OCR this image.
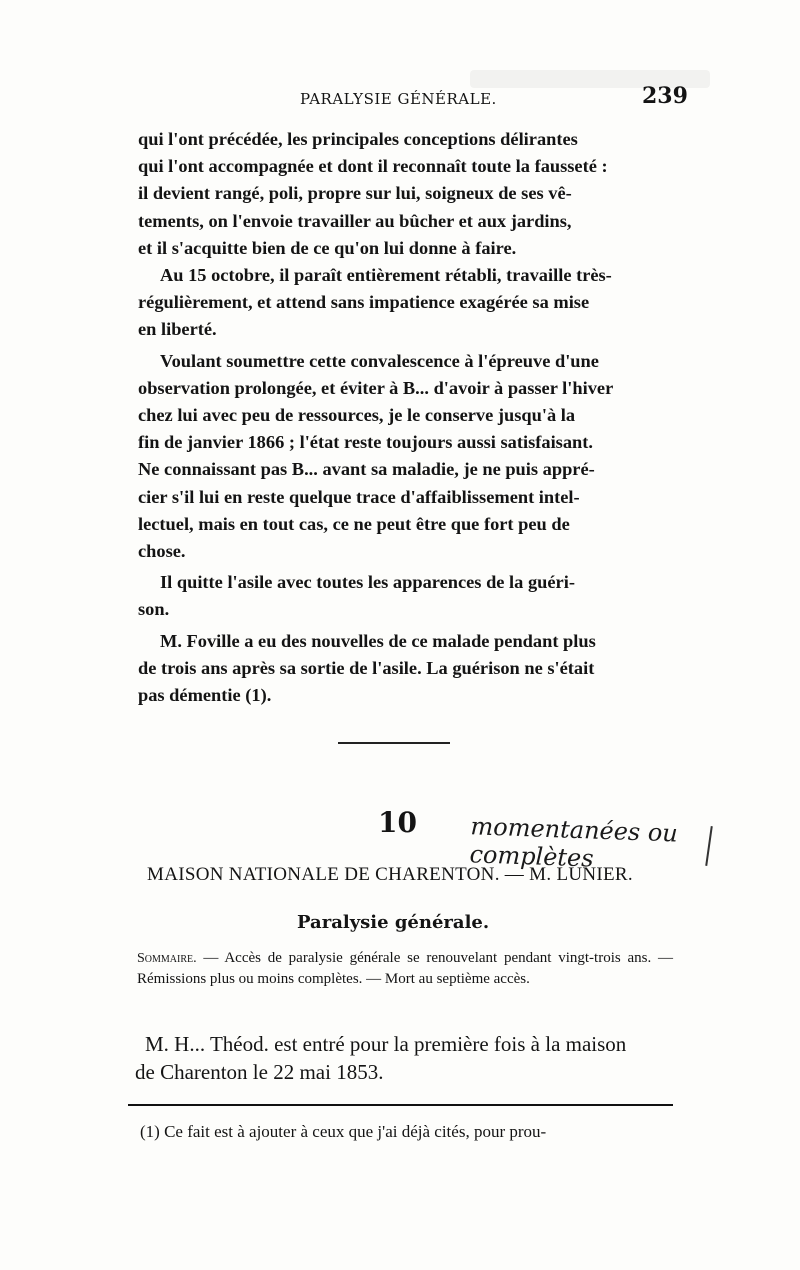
PARALYSIE GÉNÉRALE.	239

qui l'ont précédée, les principales conceptions délirantes
qui l'ont accompagnée et dont il reconnaît toute la fausseté :
il devient rangé, poli, propre sur lui, soigneux de ses vê-
tements, on l'envoie travailler au bûcher et aux jardins,
et il s'acquitte bien de ce qu'on lui donne à faire.

Au 15 octobre, il paraît entièrement rétabli, travaille très-
régulièrement, et attend sans impatience exagérée sa mise
en liberté.

Voulant soumettre cette convalescence à l'épreuve d'une
observation prolongée, et éviter à B... d'avoir à passer l'hiver
chez lui avec peu de ressources, je le conserve jusqu'à la
fin de janvier 1866 ; l'état reste toujours aussi satisfaisant.
Ne connaissant pas B... avant sa maladie, je ne puis appré-
cier s'il lui en reste quelque trace d'affaiblissement intel-
lectuel, mais en tout cas, ce ne peut être que fort peu de
chose.

Il quitte l'asile avec toutes les apparences de la guéri-
son.

M. Foville a eu des nouvelles de ce malade pendant plus
de trois ans après sa sortie de l'asile. La guérison ne s'était
pas démentie (1).

10 momentanées ou complètes
MAISON NATIONALE DE CHARENTON. — M. LUNIER.
Paralysie générale.
Sommaire. — Accès de paralysie générale se renouvelant pendant vingt-trois ans. — Rémissions plus ou moins complètes. — Mort au septième accès.
M. H... Théod. est entré pour la première fois à la maison
de Charenton le 22 mai 1853.
(1) Ce fait est à ajouter à ceux que j'ai déjà cités, pour prou-
